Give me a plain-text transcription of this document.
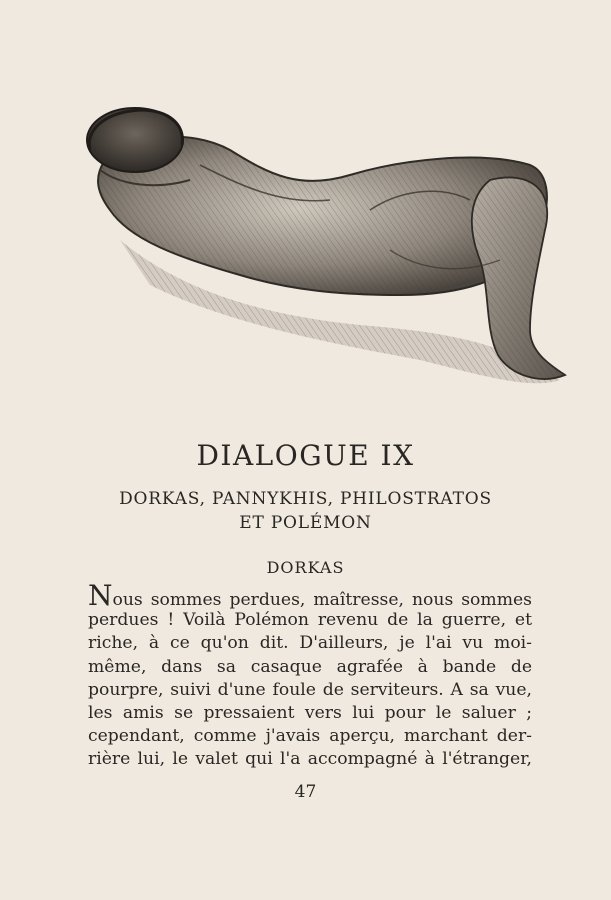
DIALOGUE IX
DORKAS, PANNYKHIS, PHILOSTRATOS
ET POLÉMON
DORKAS
Nous sommes perdues, maîtresse, nous sommes
perdues ! Voilà Polémon revenu de la guerre, et
riche, à ce qu'on dit. D'ailleurs, je l'ai vu moi-
même, dans sa casaque agrafée à bande de
pourpre, suivi d'une foule de serviteurs. A sa vue,
les amis se pressaient vers lui pour le saluer ;
cependant, comme j'avais aperçu, marchant der-
rière lui, le valet qui l'a accompagné à l'étranger,
47
